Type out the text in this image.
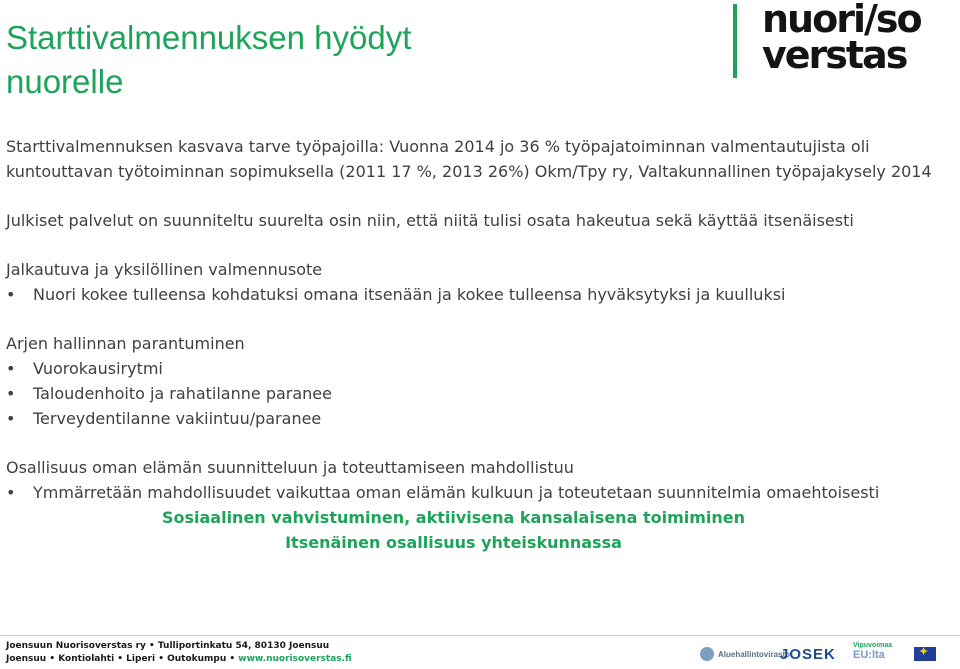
Starttivalmennuksen hyödyt
nuorelle
nuori/so
verstas
Starttivalmennuksen kasvava tarve työpajoilla: Vuonna 2014 jo 36 % työpajatoiminnan valmentautujista oli kuntouttavan työtoiminnan sopimuksella (2011 17 %, 2013 26%) Okm/Tpy ry, Valtakunnallinen työpajakysely 2014
Julkiset palvelut on suunniteltu suurelta osin niin, että niitä tulisi osata hakeutua sekä käyttää itsenäisesti
Jalkautuva ja yksilöllinen valmennusote
• Nuori kokee tulleensa kohdatuksi omana itsenään ja kokee tulleensa hyväksytyksi ja kuulluksi
Arjen hallinnan parantuminen
• Vuorokausirytmi
• Taloudenhoito ja rahatilanne paranee
• Terveydentilanne vakiintuu/paranee
Osallisuus oman elämän suunnitteluun ja toteuttamiseen mahdollistuu
• Ymmärretään mahdollisuudet vaikuttaa oman elämän kulkuun ja toteutetaan suunnitelmia omaehtoisesti
Sosiaalinen vahvistuminen, aktiivisena kansalaisena toimiminen
Itsenäinen osallisuus yhteiskunnassa
Joensuun Nuorisoverstas ry • Tulliportinkatu 54, 80130 Joensuu
Joensuu • Kontiolahti • Liperi • Outokumpu • www.nuorisoverstas.fi	Aluehallintovirasto
JOSEK Vipuvoimaa
EU:lta
✦
